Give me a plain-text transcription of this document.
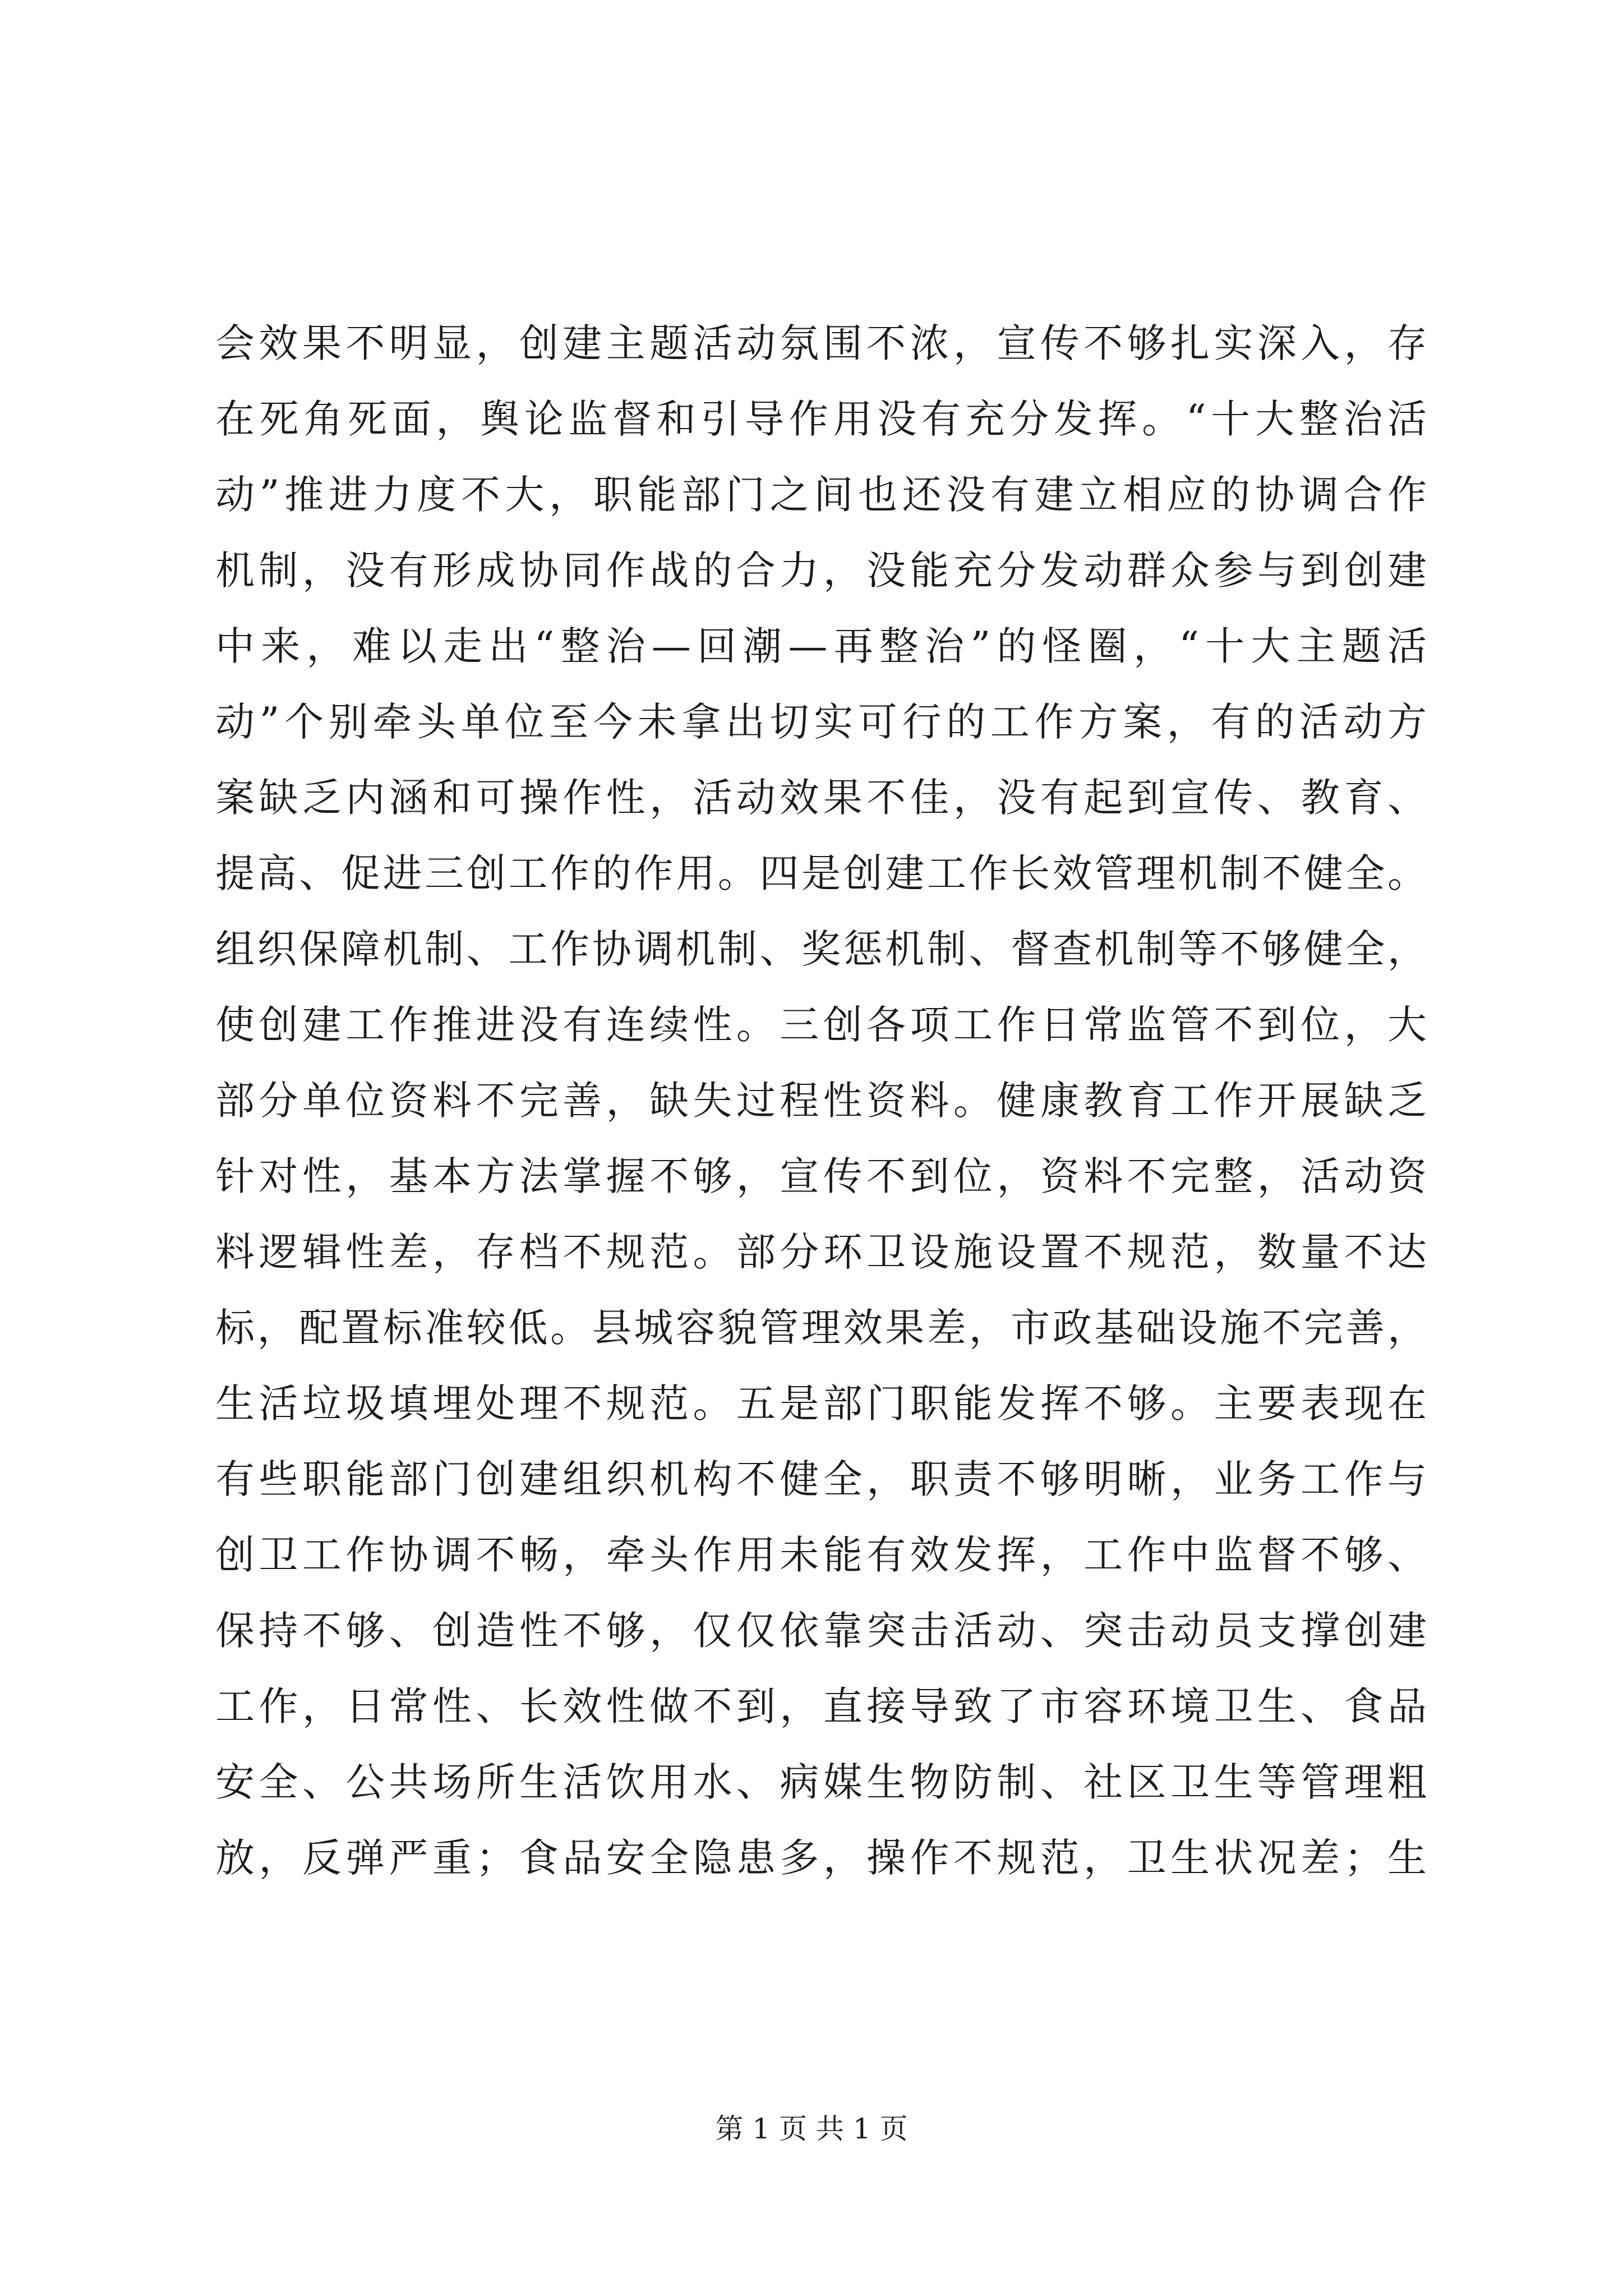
会效果不明显，创建主题活动氛围不浓，宣传不够扎实深入，存
在死角死面，舆论监督和引导作用没有充分发挥。“十大整治活
动”推进力度不大，职能部门之间也还没有建立相应的协调合作
机制，没有形成协同作战的合力，没能充分发动群众参与到创建
中来，难以走出“整治—回潮—再整治”的怪圈，“十大主题活
动”个别牵头单位至今未拿出切实可行的工作方案，有的活动方
案缺乏内涵和可操作性，活动效果不佳，没有起到宣传、教育、
提高、促进三创工作的作用。四是创建工作长效管理机制不健全。
组织保障机制、工作协调机制、奖惩机制、督查机制等不够健全，
使创建工作推进没有连续性。三创各项工作日常监管不到位，大
部分单位资料不完善，缺失过程性资料。健康教育工作开展缺乏
针对性，基本方法掌握不够，宣传不到位，资料不完整，活动资
料逻辑性差，存档不规范。部分环卫设施设置不规范，数量不达
标，配置标准较低。县城容貌管理效果差，市政基础设施不完善，
生活垃圾填埋处理不规范。五是部门职能发挥不够。主要表现在
有些职能部门创建组织机构不健全，职责不够明晰，业务工作与
创卫工作协调不畅，牵头作用未能有效发挥，工作中监督不够、
保持不够、创造性不够，仅仅依靠突击活动、突击动员支撑创建
工作，日常性、长效性做不到，直接导致了市容环境卫生、食品
安全、公共场所生活饮用水、病媒生物防制、社区卫生等管理粗
放，反弹严重；食品安全隐患多，操作不规范，卫生状况差；生
第 1 页 共 1 页
